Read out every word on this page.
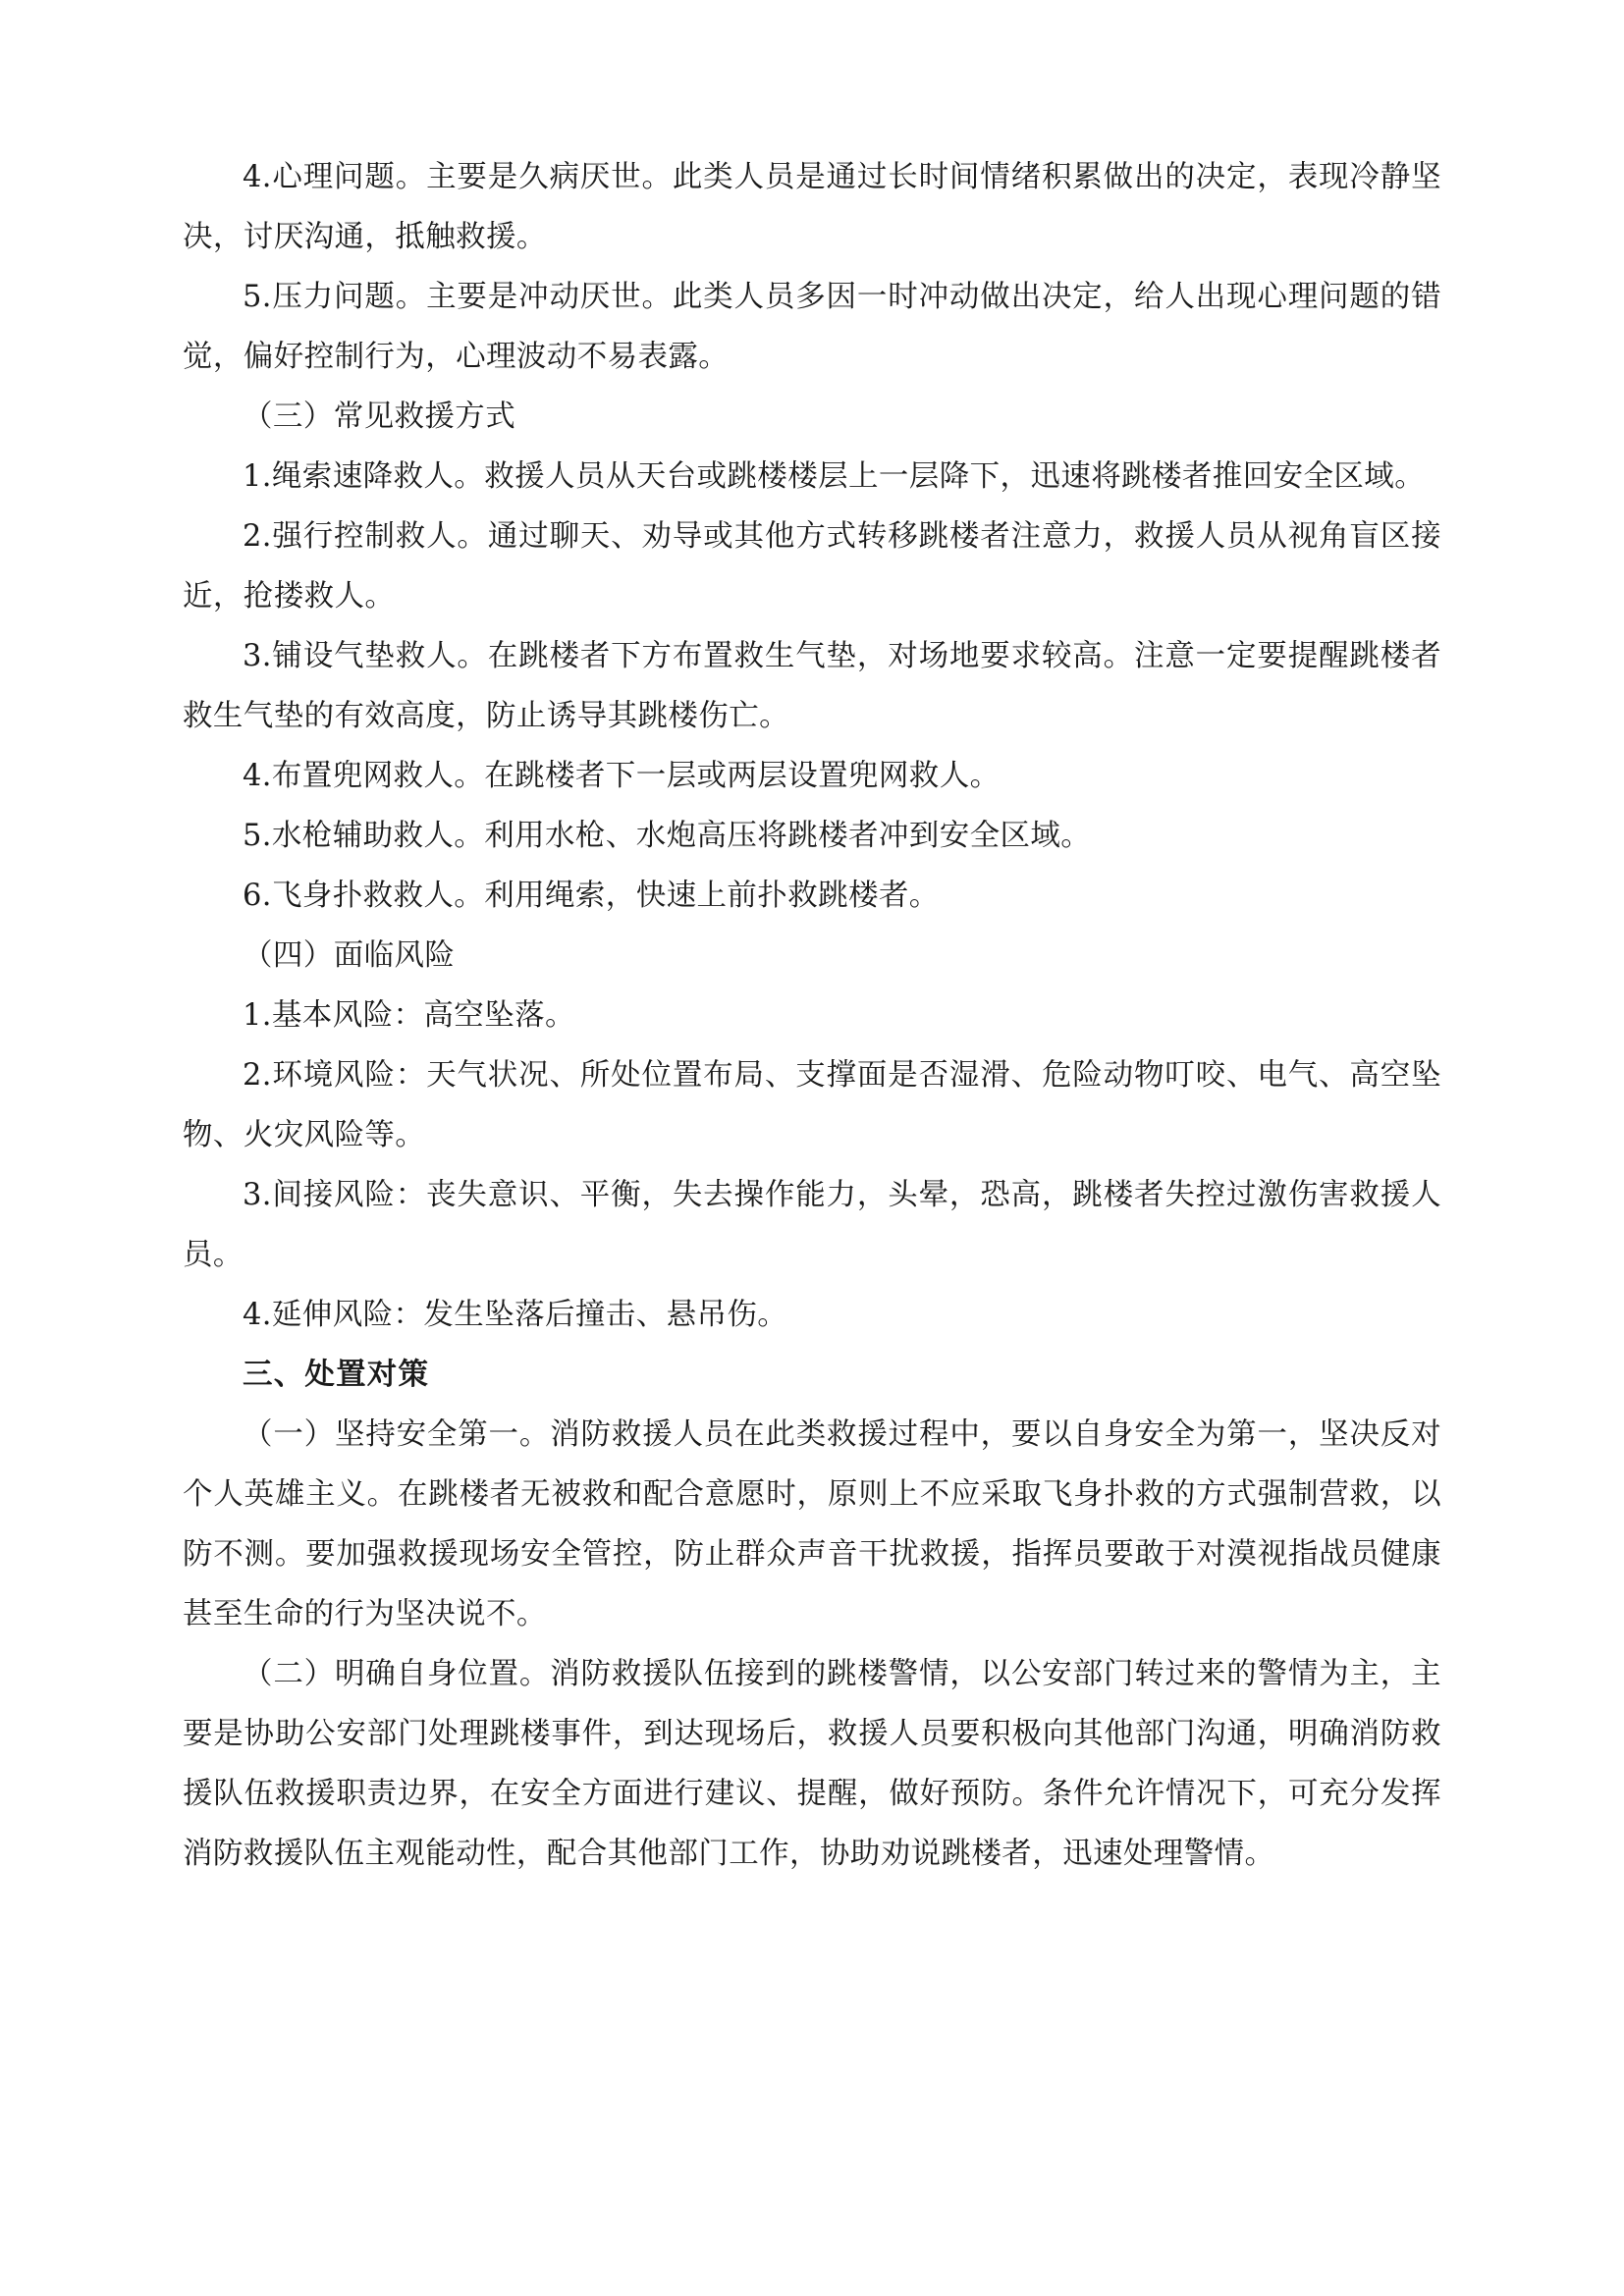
4.心理问题。主要是久病厌世。此类人员是通过长时间情绪积累做出的决定，表现冷静坚决，讨厌沟通，抵触救援。

5.压力问题。主要是冲动厌世。此类人员多因一时冲动做出决定，给人出现心理问题的错觉，偏好控制行为，心理波动不易表露。

（三）常见救援方式

1.绳索速降救人。救援人员从天台或跳楼楼层上一层降下，迅速将跳楼者推回安全区域。

2.强行控制救人。通过聊天、劝导或其他方式转移跳楼者注意力，救援人员从视角盲区接近，抢搂救人。

3.铺设气垫救人。在跳楼者下方布置救生气垫，对场地要求较高。注意一定要提醒跳楼者救生气垫的有效高度，防止诱导其跳楼伤亡。

4.布置兜网救人。在跳楼者下一层或两层设置兜网救人。

5.水枪辅助救人。利用水枪、水炮高压将跳楼者冲到安全区域。

6.飞身扑救救人。利用绳索，快速上前扑救跳楼者。

（四）面临风险

1.基本风险：高空坠落。

2.环境风险：天气状况、所处位置布局、支撑面是否湿滑、危险动物叮咬、电气、高空坠物、火灾风险等。

3.间接风险：丧失意识、平衡，失去操作能力，头晕，恐高，跳楼者失控过激伤害救援人员。

4.延伸风险：发生坠落后撞击、悬吊伤。

三、处置对策

（一）坚持安全第一。消防救援人员在此类救援过程中，要以自身安全为第一，坚决反对个人英雄主义。在跳楼者无被救和配合意愿时，原则上不应采取飞身扑救的方式强制营救，以防不测。要加强救援现场安全管控，防止群众声音干扰救援，指挥员要敢于对漠视指战员健康甚至生命的行为坚决说不。

（二）明确自身位置。消防救援队伍接到的跳楼警情，以公安部门转过来的警情为主，主要是协助公安部门处理跳楼事件，到达现场后，救援人员要积极向其他部门沟通，明确消防救援队伍救援职责边界，在安全方面进行建议、提醒，做好预防。条件允许情况下，可充分发挥消防救援队伍主观能动性，配合其他部门工作，协助劝说跳楼者，迅速处理警情。
